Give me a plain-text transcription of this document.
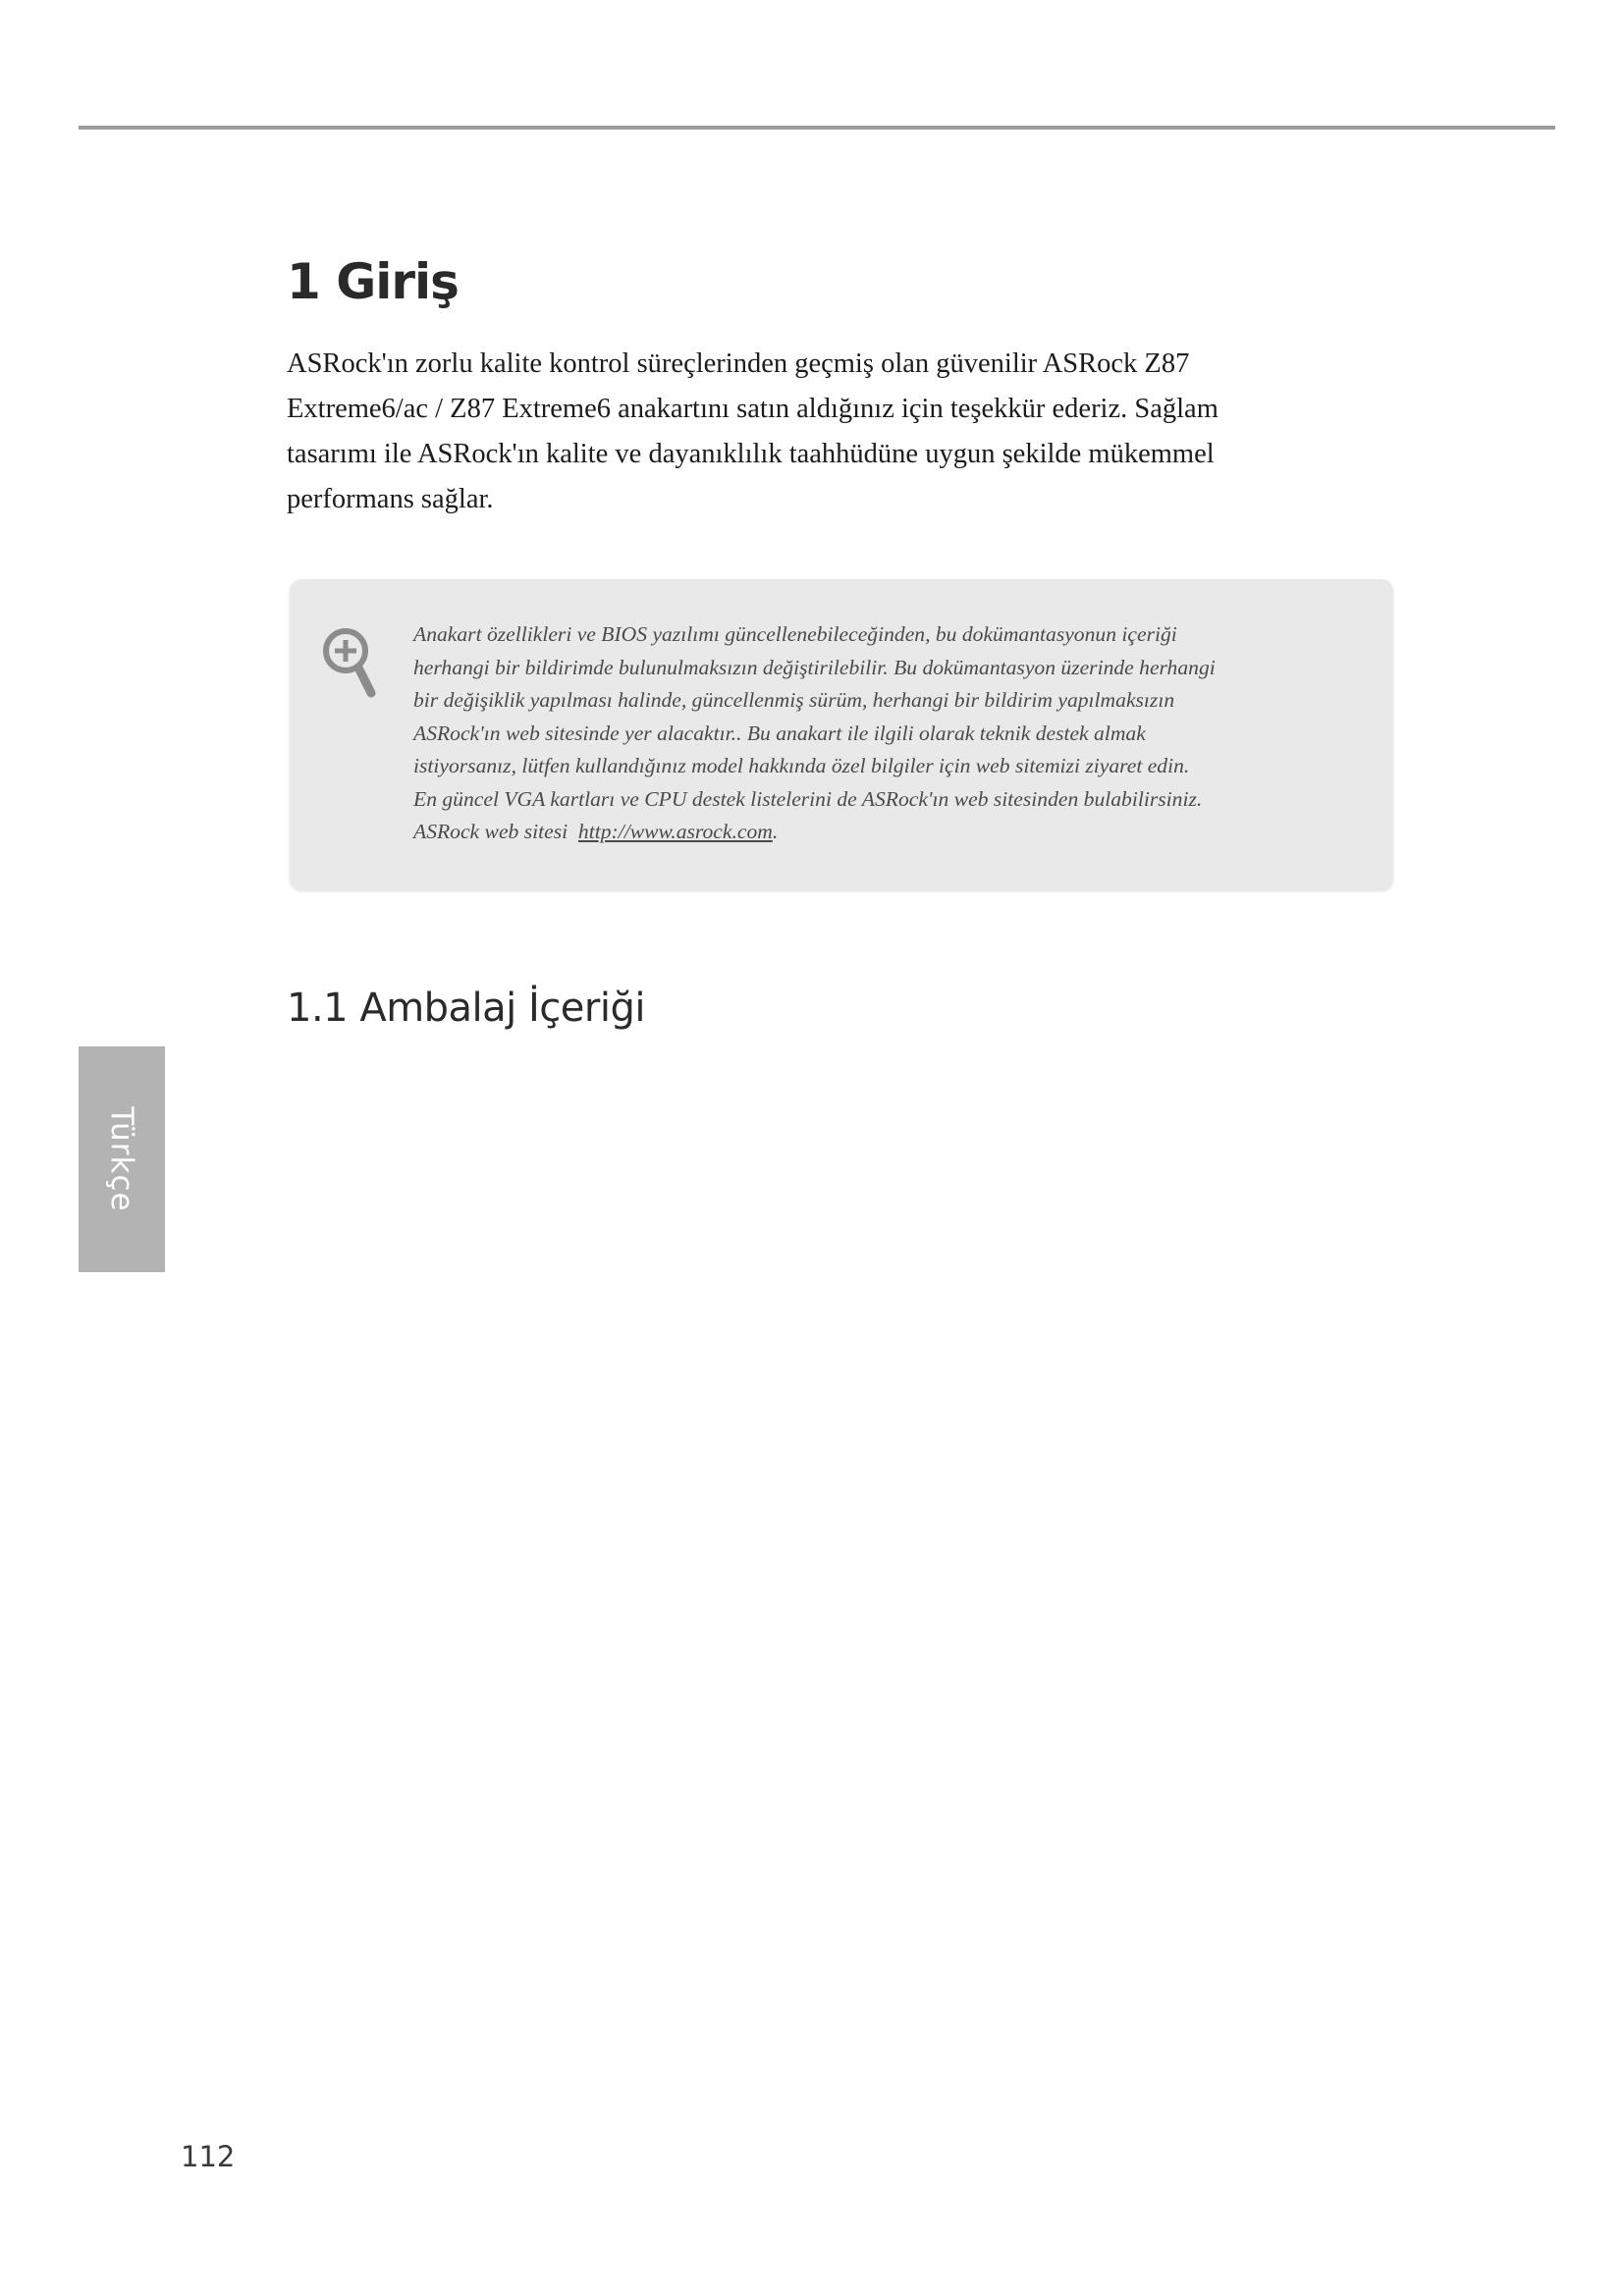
1 Giriş

ASRock'ın zorlu kalite kontrol süreçlerinden geçmiş olan güvenilir ASRock Z87
Extreme6/ac / Z87 Extreme6 anakartını satın aldığınız için teşekkür ederiz. Sağlam
tasarımı ile ASRock'ın kalite ve dayanıklılık taahhüdüne uygun şekilde mükemmel
performans sağlar.

Anakart özellikleri ve BIOS yazılımı güncellenebileceğinden, bu dokümantasyonun içeriği
herhangi bir bildirimde bulunulmaksızın değiştirilebilir. Bu dokümantasyon üzerinde herhangi
bir değişiklik yapılması halinde, güncellenmiş sürüm, herhangi bir bildirim yapılmaksızın
ASRock'ın web sitesinde yer alacaktır.. Bu anakart ile ilgili olarak teknik destek almak
istiyorsanız, lütfen kullandığınız model hakkında özel bilgiler için web sitemizi ziyaret edin.
En güncel VGA kartları ve CPU destek listelerini de ASRock'ın web sitesinden bulabilirsiniz.
ASRock web sitesi http://www.asrock.com.

1.1 Ambalaj İçeriği
Türkçe
112
